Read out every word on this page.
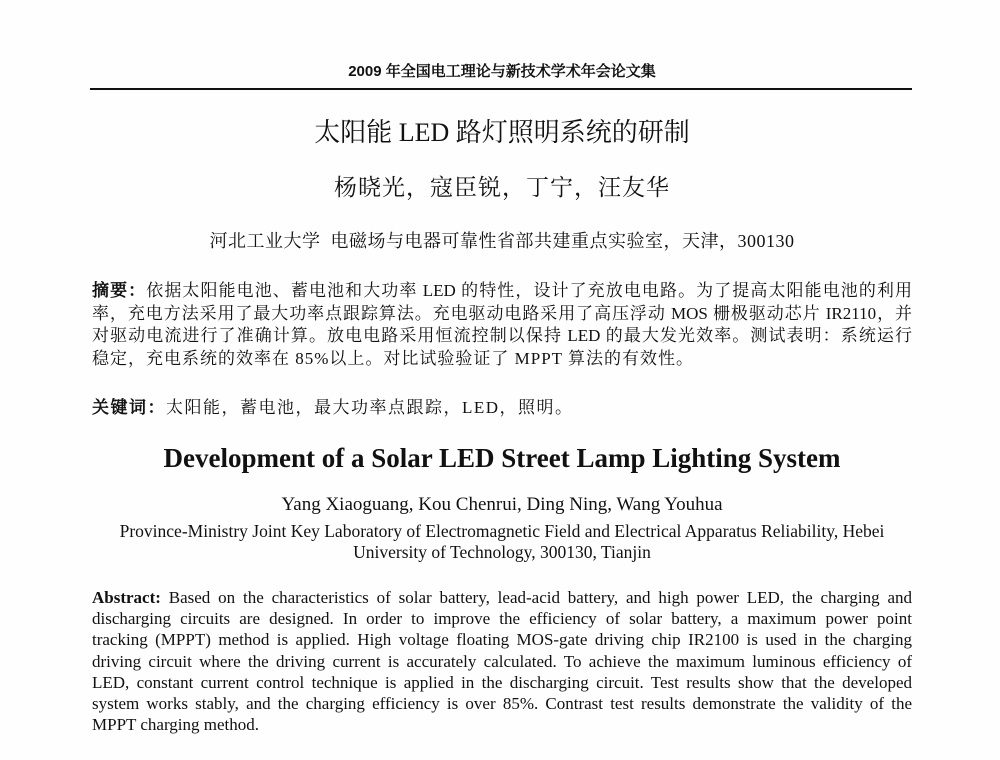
2009 年全国电工理论与新技术学术年会论文集
太阳能 LED 路灯照明系统的研制
杨晓光，寇臣锐，丁宁，汪友华
河北工业大学  电磁场与电器可靠性省部共建重点实验室，天津，300130
摘要：依据太阳能电池、蓄电池和大功率 LED 的特性，设计了充放电电路。为了提高太阳能电池的利用
率，充电方法采用了最大功率点跟踪算法。充电驱动电路采用了高压浮动 MOS 栅极驱动芯片 IR2110，并
对驱动电流进行了准确计算。放电电路采用恒流控制以保持 LED 的最大发光效率。测试表明：系统运行
稳定，充电系统的效率在 85%以上。对比试验验证了 MPPT 算法的有效性。
关键词：太阳能，蓄电池，最大功率点跟踪，LED，照明。
Development of a Solar LED Street Lamp Lighting System
Yang Xiaoguang, Kou Chenrui, Ding Ning, Wang Youhua
Province-Ministry Joint Key Laboratory of Electromagnetic Field and Electrical Apparatus Reliability, Hebei
University of Technology, 300130, Tianjin
Abstract: Based on the characteristics of solar battery, lead-acid battery, and high power LED, the charging and
discharging circuits are designed. In order to improve the efficiency of solar battery, a maximum power point
tracking (MPPT) method is applied. High voltage floating MOS-gate driving chip IR2100 is used in the charging
driving circuit where the driving current is accurately calculated. To achieve the maximum luminous efficiency of
LED, constant current control technique is applied in the discharging circuit. Test results show that the developed
system works stably, and the charging efficiency is over 85%. Contrast test results demonstrate the validity of the
MPPT charging method.
